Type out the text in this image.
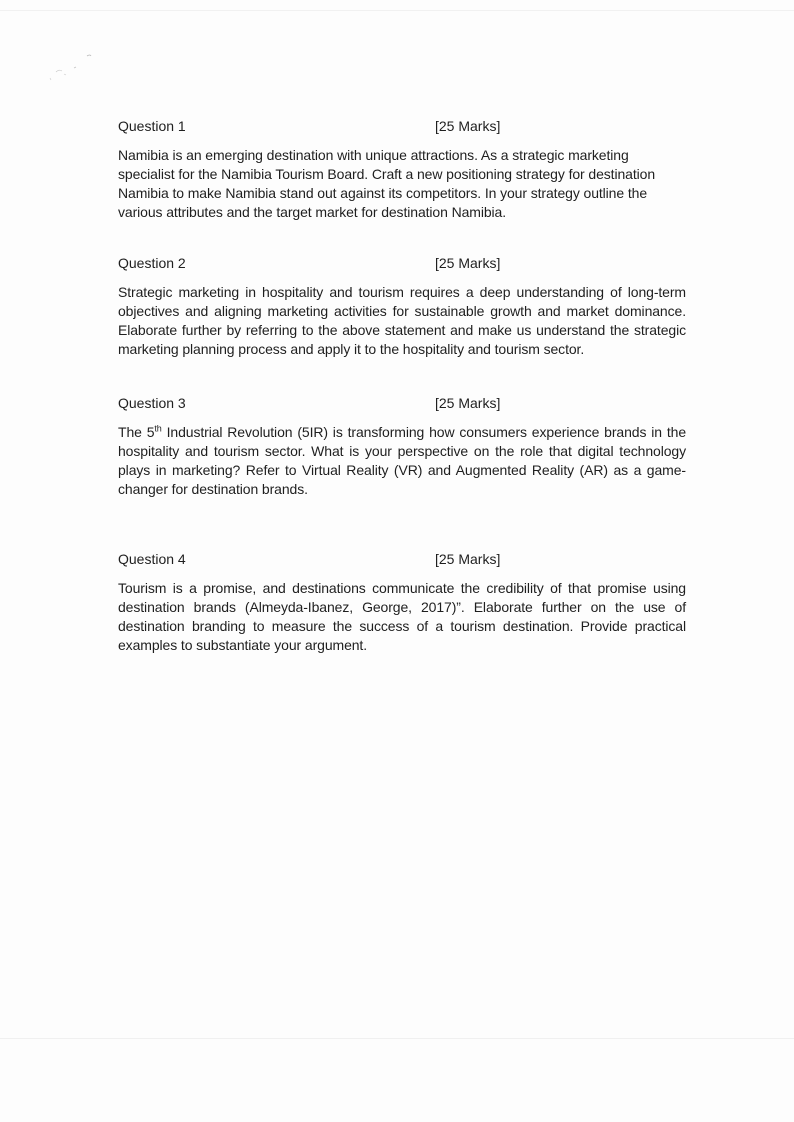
Question 1	[25 Marks]

Namibia is an emerging destination with unique attractions. As a strategic marketing specialist for the Namibia Tourism Board. Craft a new positioning strategy for destination Namibia to make Namibia stand out against its competitors. In your strategy outline the various attributes and the target market for destination Namibia.

Question 2	[25 Marks]

Strategic marketing in hospitality and tourism requires a deep understanding of long-term objectives and aligning marketing activities for sustainable growth and market dominance. Elaborate further by referring to the above statement and make us understand the strategic marketing planning process and apply it to the hospitality and tourism sector.

Question 3	[25 Marks]

The 5th Industrial Revolution (5IR) is transforming how consumers experience brands in the hospitality and tourism sector. What is your perspective on the role that digital technology plays in marketing? Refer to Virtual Reality (VR) and Augmented Reality (AR) as a game-changer for destination brands.

Question 4	[25 Marks]

Tourism is a promise, and destinations communicate the credibility of that promise using destination brands (Almeyda-Ibanez, George, 2017)”. Elaborate further on the use of destination branding to measure the success of a tourism destination. Provide practical examples to substantiate your argument.
